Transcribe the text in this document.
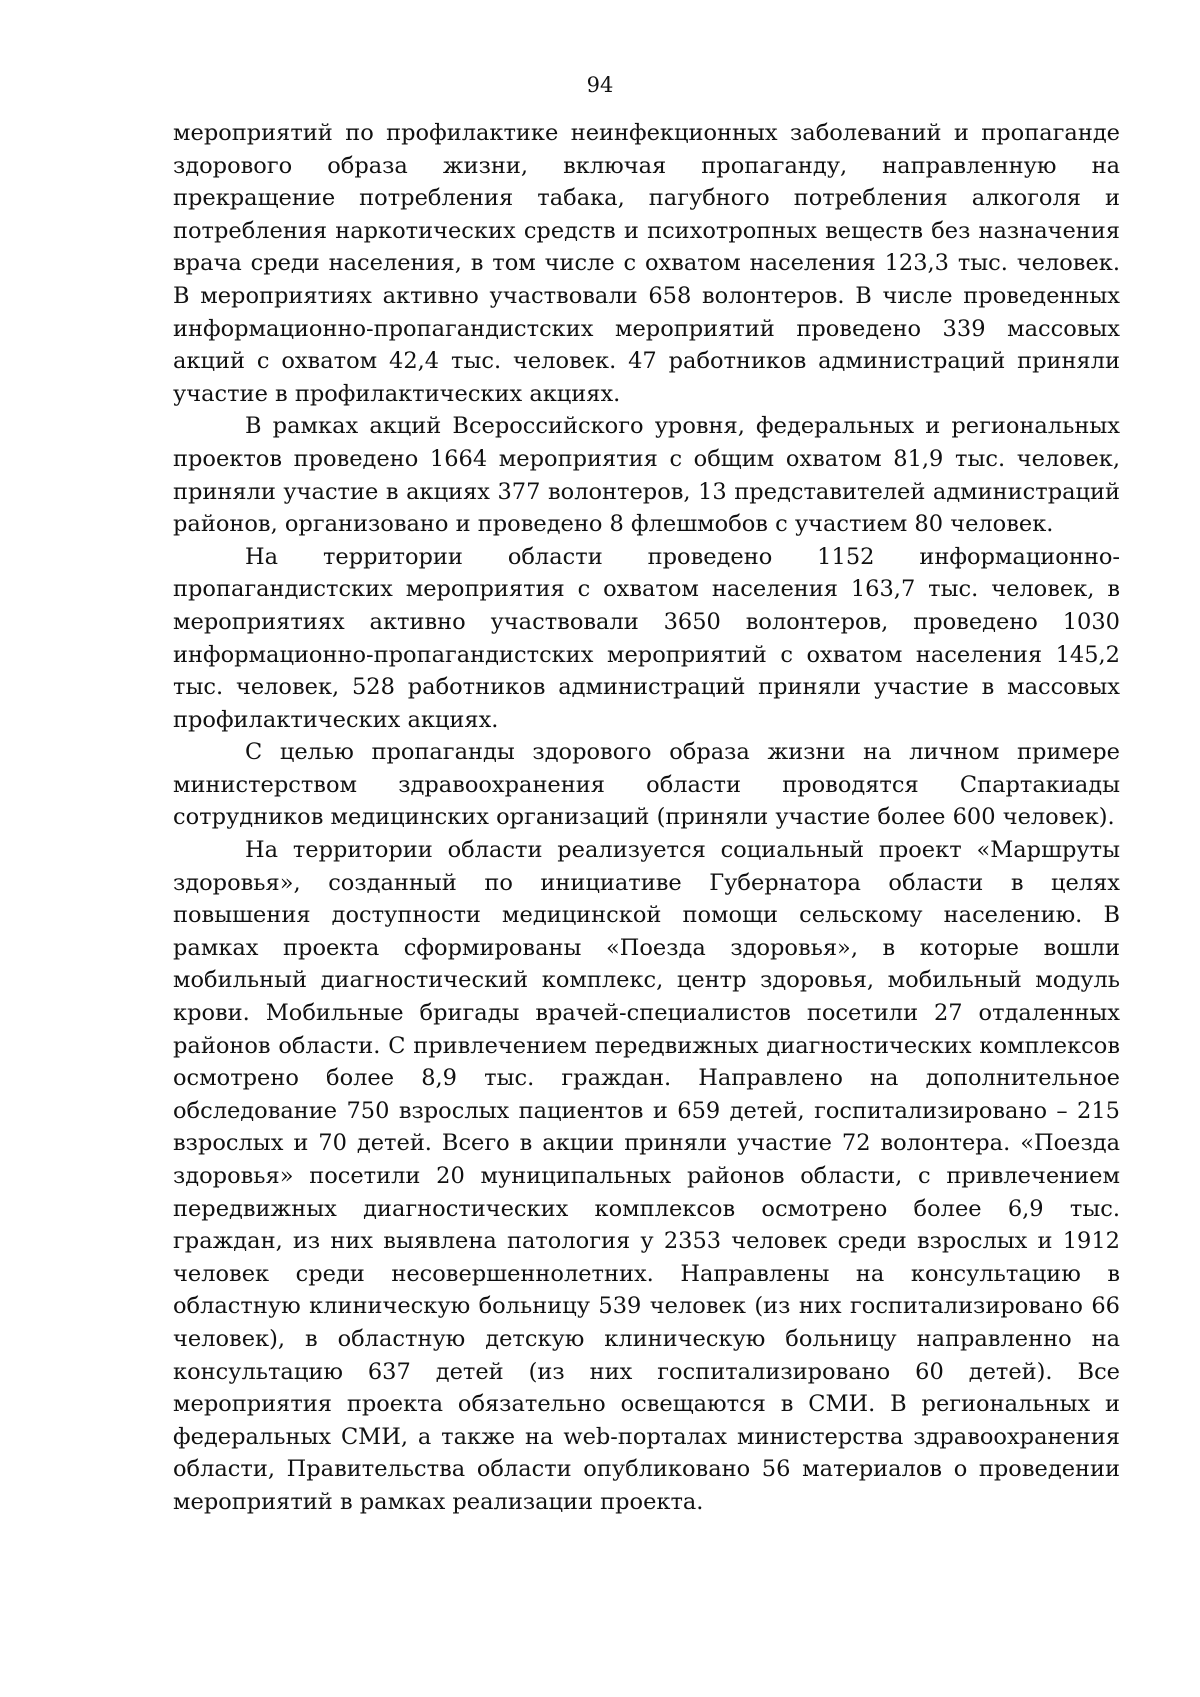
94

мероприятий по профилактике неинфекционных заболеваний и пропаганде здорового образа жизни, включая пропаганду, направленную на прекращение потребления табака, пагубного потребления алкоголя и потребления наркотических средств и психотропных веществ без назначения врача среди населения, в том числе с охватом населения 123,3 тыс. человек. В мероприятиях активно участвовали 658 волонтеров. В числе проведенных информационно-пропагандистских мероприятий проведено 339 массовых акций с охватом 42,4 тыс. человек. 47 работников администраций приняли участие в профилактических акциях.

В рамках акций Всероссийского уровня, федеральных и региональных проектов проведено 1664 мероприятия с общим охватом 81,9 тыс. человек, приняли участие в акциях 377 волонтеров, 13 представителей администраций районов, организовано и проведено 8 флешмобов с участием 80 человек.

На территории области проведено 1152 информационно-пропагандистских мероприятия с охватом населения 163,7 тыс. человек, в мероприятиях активно участвовали 3650 волонтеров, проведено 1030 информационно-пропагандистских мероприятий с охватом населения 145,2 тыс. человек, 528 работников администраций приняли участие в массовых профилактических акциях.

С целью пропаганды здорового образа жизни на личном примере министерством здравоохранения области проводятся Спартакиады сотрудников медицинских организаций (приняли участие более 600 человек).

На территории области реализуется социальный проект «Маршруты здоровья», созданный по инициативе Губернатора области в целях повышения доступности медицинской помощи сельскому населению. В рамках проекта сформированы «Поезда здоровья», в которые вошли мобильный диагностический комплекс, центр здоровья, мобильный модуль крови. Мобильные бригады врачей-специалистов посетили 27 отдаленных районов области. С привлечением передвижных диагностических комплексов осмотрено более 8,9 тыс. граждан. Направлено на дополнительное обследование 750 взрослых пациентов и 659 детей, госпитализировано – 215 взрослых и 70 детей. Всего в акции приняли участие 72 волонтера. «Поезда здоровья» посетили 20 муниципальных районов области, с привлечением передвижных диагностических комплексов осмотрено более 6,9 тыс. граждан, из них выявлена патология у 2353 человек среди взрослых и 1912 человек среди несовершеннолетних. Направлены на консультацию в областную клиническую больницу 539 человек (из них госпитализировано 66 человек), в областную детскую клиническую больницу направленно на консультацию 637 детей (из них госпитализировано 60 детей). Все мероприятия проекта обязательно освещаются в СМИ. В региональных и федеральных СМИ, а также на web-порталах министерства здравоохранения области, Правительства области опубликовано 56 материалов о проведении мероприятий в рамках реализации проекта.
